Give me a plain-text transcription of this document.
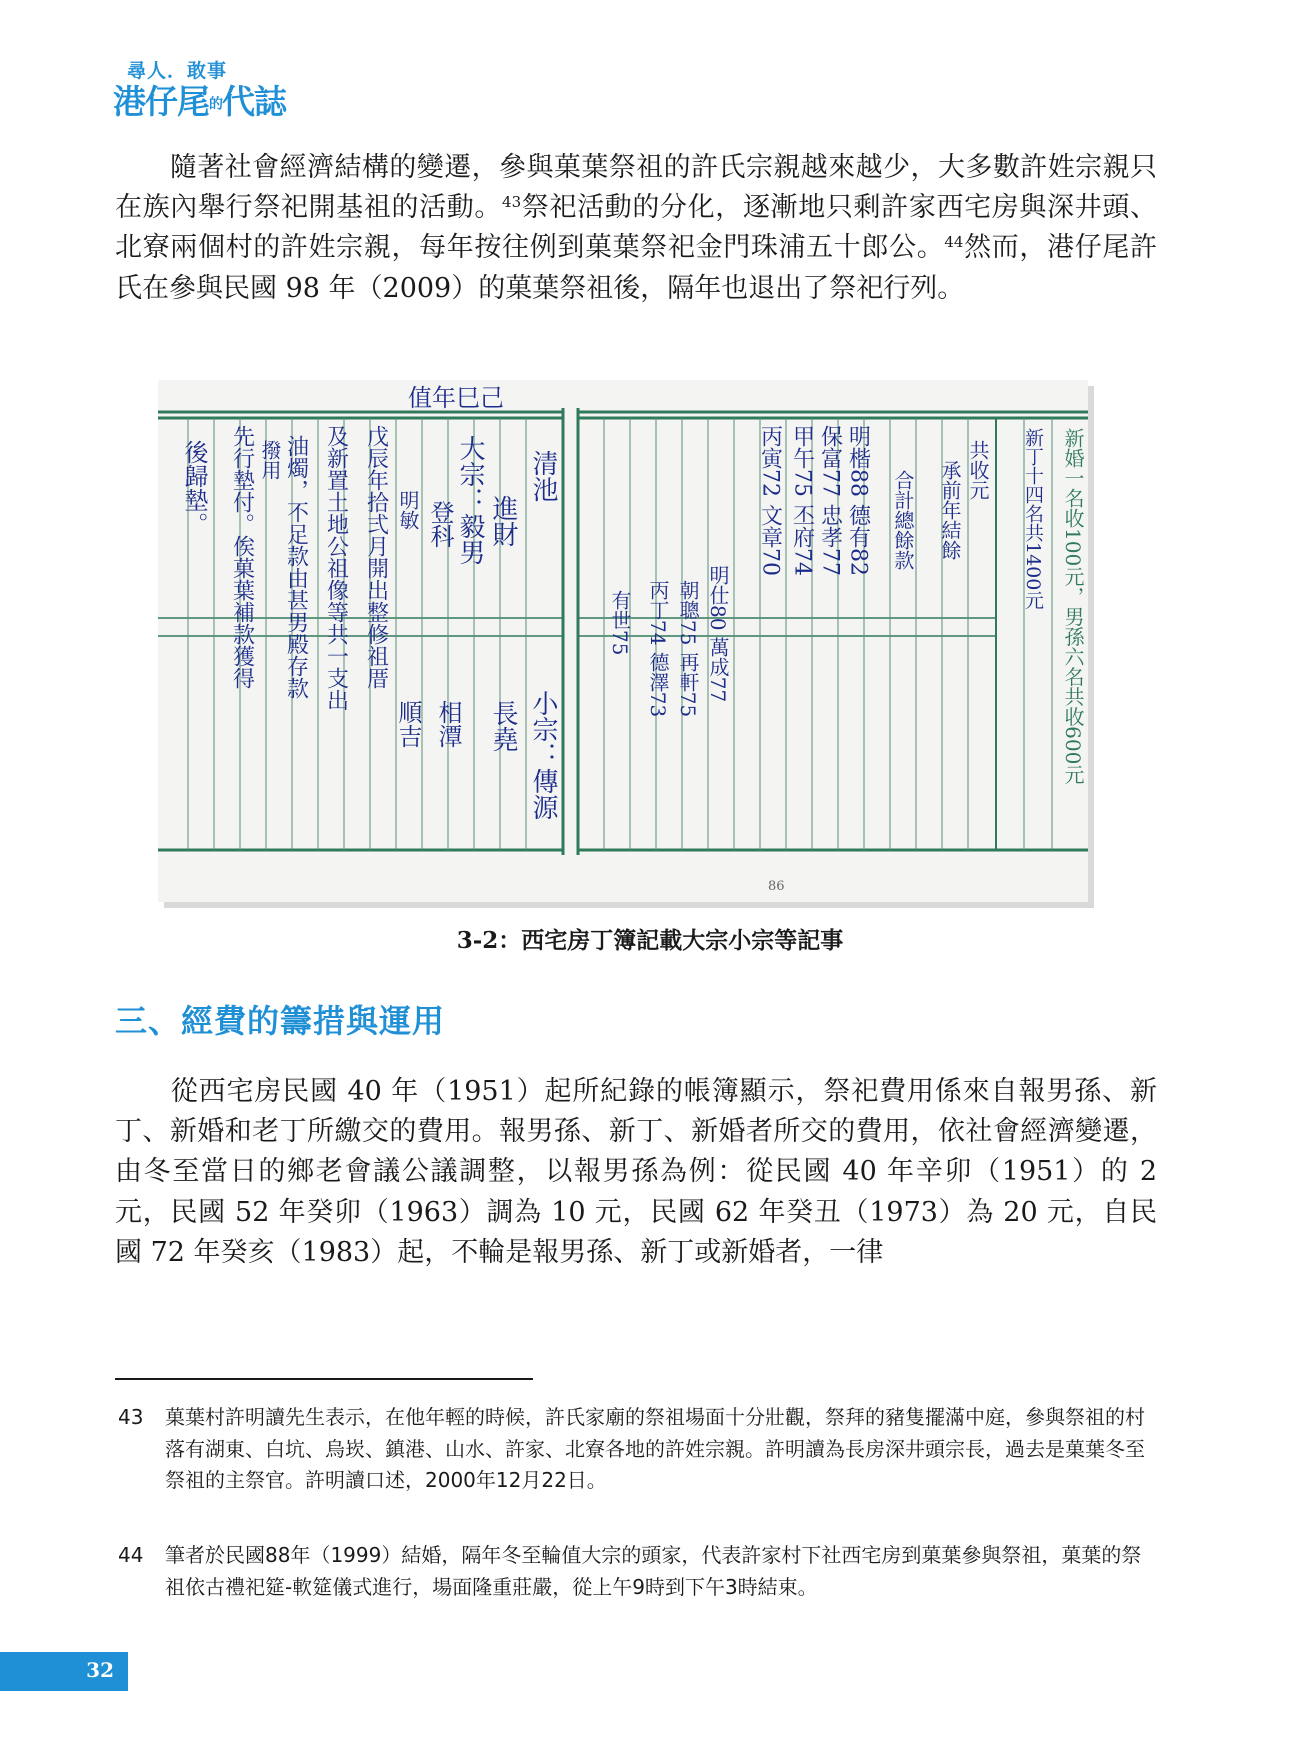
尋人．敢事
港仔尾的代誌

　　隨著社會經濟結構的變遷，參與菓葉祭祖的許氏宗親越來越少，大多數許姓宗親只在族內舉行祭祀開基祖的活動。$^{43}$祭祀活動的分化，逐漸地只剩許家西宅房與深井頭、北寮兩個村的許姓宗親，每年按往例到菓葉祭祀金門珠浦五十郎公。$^{44}$然而，港仔尾許氏在參與民國 98 年（2009）的菓葉祭祖後，隔年也退出了祭祀行列。

值年巳己
清池
大宗：毅男 進財
登科
明敏
戊辰年拾弍月開出整修祖厝
及新置土地公祖像等共一支出
油燭，不足款由甚男殿存款
撥用
先行墊付。俟菓葉補款獲得
後歸墊。
小宗：傳源
長堯
相潭
順吉	新婚一名收100元，男孫六名共收600元
新丁十四名共1400元
共收元
承前年結餘
合計總餘款
明楷88 德有82
保富77 忠孝77
甲午75 丕府74
丙寅72 文章70
明仕80 萬成77
朝聰75 再軒75
丙丁74 德澤73
有世75
86
3-2：西宅房丁簿記載大宗小宗等記事
三、經費的籌措與運用

　　從西宅房民國 40 年（1951）起所紀錄的帳簿顯示，祭祀費用係來自報男孫、新丁、新婚和老丁所繳交的費用。報男孫、新丁、新婚者所交的費用，依社會經濟變遷，由冬至當日的鄉老會議公議調整，以報男孫為例：從民國 40 年辛卯（1951）的 2 元，民國 52 年癸卯（1963）調為 10 元，民國 62 年癸丑（1973）為 20 元，自民國 72 年癸亥（1983）起，不輪是報男孫、新丁或新婚者，一律

43 菓葉村許明讀先生表示，在他年輕的時候，許氏家廟的祭祖場面十分壯觀，祭拜的豬隻擺滿中庭，參與祭祖的村落有湖東、白坑、烏崁、鎮港、山水、許家、北寮各地的許姓宗親。許明讀為長房深井頭宗長，過去是菓葉冬至祭祖的主祭官。許明讀口述，2000年12月22日。
44 筆者於民國88年（1999）結婚，隔年冬至輪值大宗的頭家，代表許家村下社西宅房到菓葉參與祭祖，菓葉的祭祖依古禮祀筵-軟筵儀式進行，場面隆重莊嚴，從上午9時到下午3時結束。
32
